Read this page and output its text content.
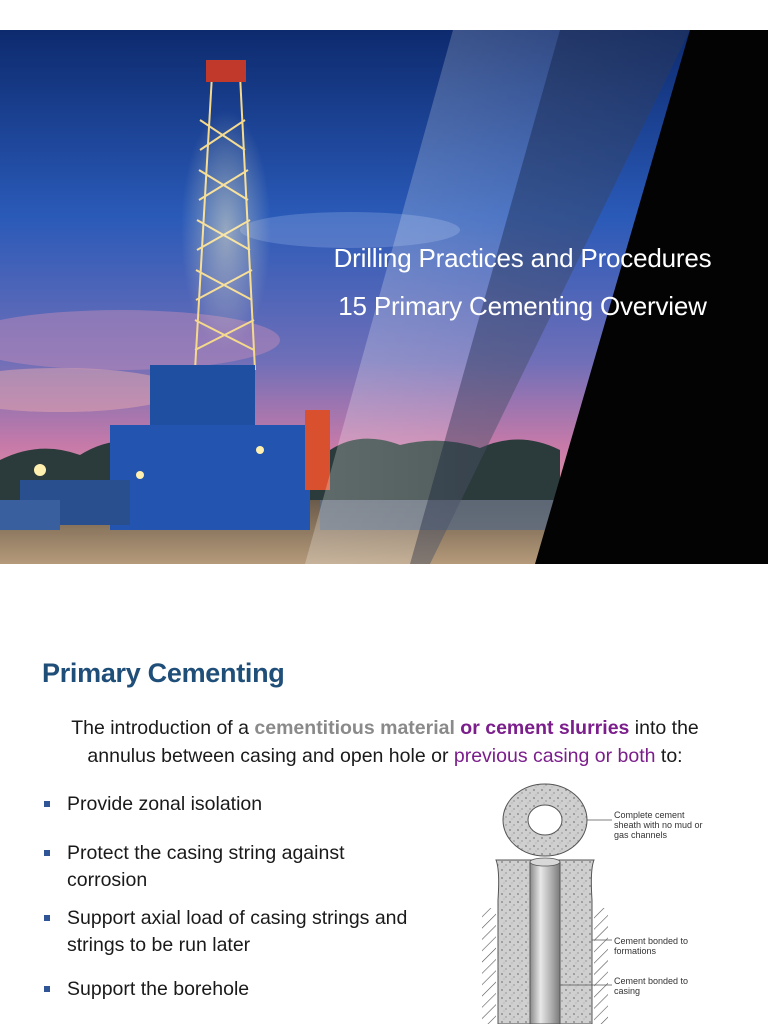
Drilling Practices and Procedures
15 Primary Cementing Overview
Primary Cementing
The introduction of a cementitious material or cement slurries into the annulus between casing and open hole or previous casing or both to:
Provide zonal isolation
Protect the casing string against corrosion
Support axial load of casing strings and strings to be run later
Support the borehole
Complete cement sheath with no mud or gas channels
Cement bonded to formations
Cement bonded to casing
